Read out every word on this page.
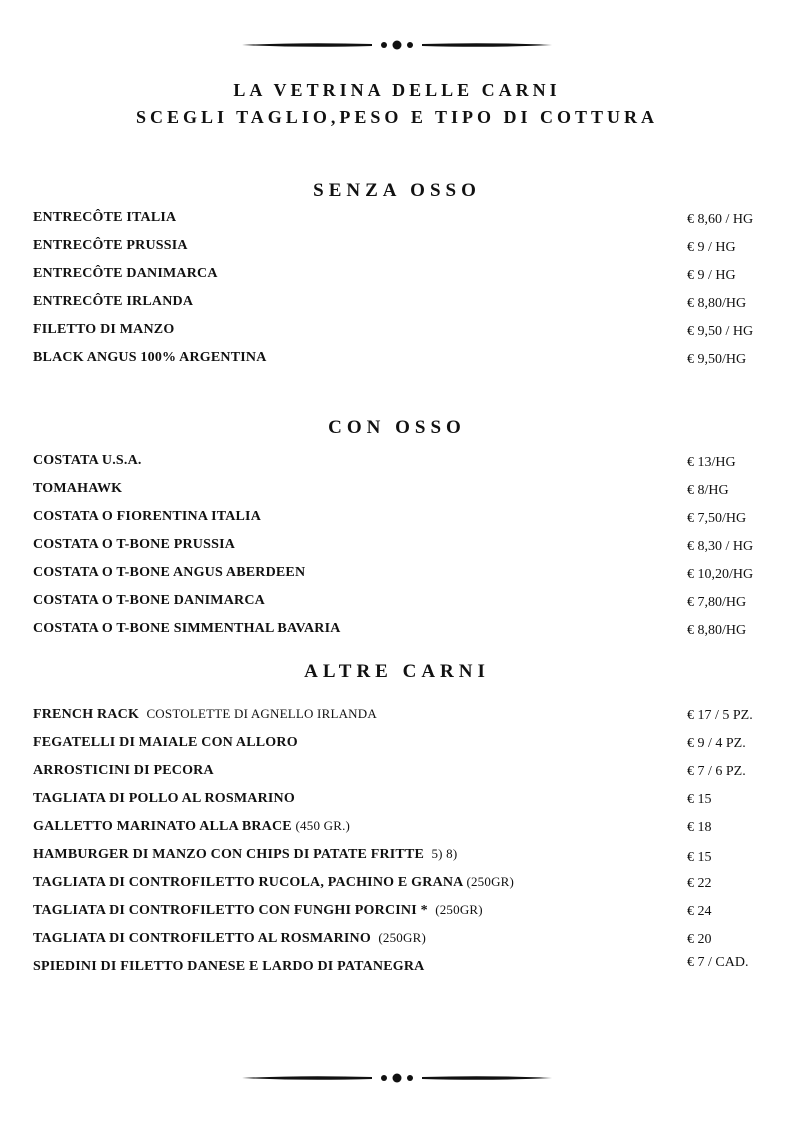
LA VETRINA DELLE CARNI
SCEGLI TAGLIO,PESO E TIPO DI COTTURA
SENZA OSSO
ENTRECÔTE ITALIA	€ 8,60 / HG
ENTRECÔTE PRUSSIA	€ 9 / HG
ENTRECÔTE DANIMARCA	€ 9 / HG
ENTRECÔTE IRLANDA	€ 8,80/HG
FILETTO DI MANZO	€ 9,50 / HG
BLACK ANGUS 100% ARGENTINA	€ 9,50/HG
CON OSSO
COSTATA U.S.A.	€ 13/HG
TOMAHAWK	€ 8/HG
COSTATA O FIORENTINA ITALIA	€ 7,50/HG
COSTATA O T-BONE PRUSSIA	€ 8,30 / HG
COSTATA O T-BONE ANGUS ABERDEEN	€ 10,20/HG
COSTATA O T-BONE DANIMARCA	€ 7,80/HG
COSTATA O T-BONE SIMMENTHAL BAVARIA	€ 8,80/HG
ALTRE CARNI
FRENCH RACK COSTOLETTE DI AGNELLO IRLANDA	€ 17 / 5 PZ.
FEGATELLI DI MAIALE CON ALLORO	€ 9 / 4 PZ.
ARROSTICINI DI PECORA	€ 7 / 6 PZ.
TAGLIATA DI POLLO AL ROSMARINO	€ 15
GALLETTO MARINATO ALLA BRACE (450 GR.)	€ 18
HAMBURGER DI MANZO CON CHIPS DI PATATE FRITTE 5) 8)	€ 15
TAGLIATA DI CONTROFILETTO RUCOLA, PACHINO E GRANA (250GR)	€ 22
TAGLIATA DI CONTROFILETTO CON FUNGHI PORCINI * (250GR)	€ 24
TAGLIATA DI CONTROFILETTO AL ROSMARINO (250GR)	€ 20
SPIEDINI DI FILETTO DANESE E LARDO DI PATANEGRA	€ 7 / CAD.
